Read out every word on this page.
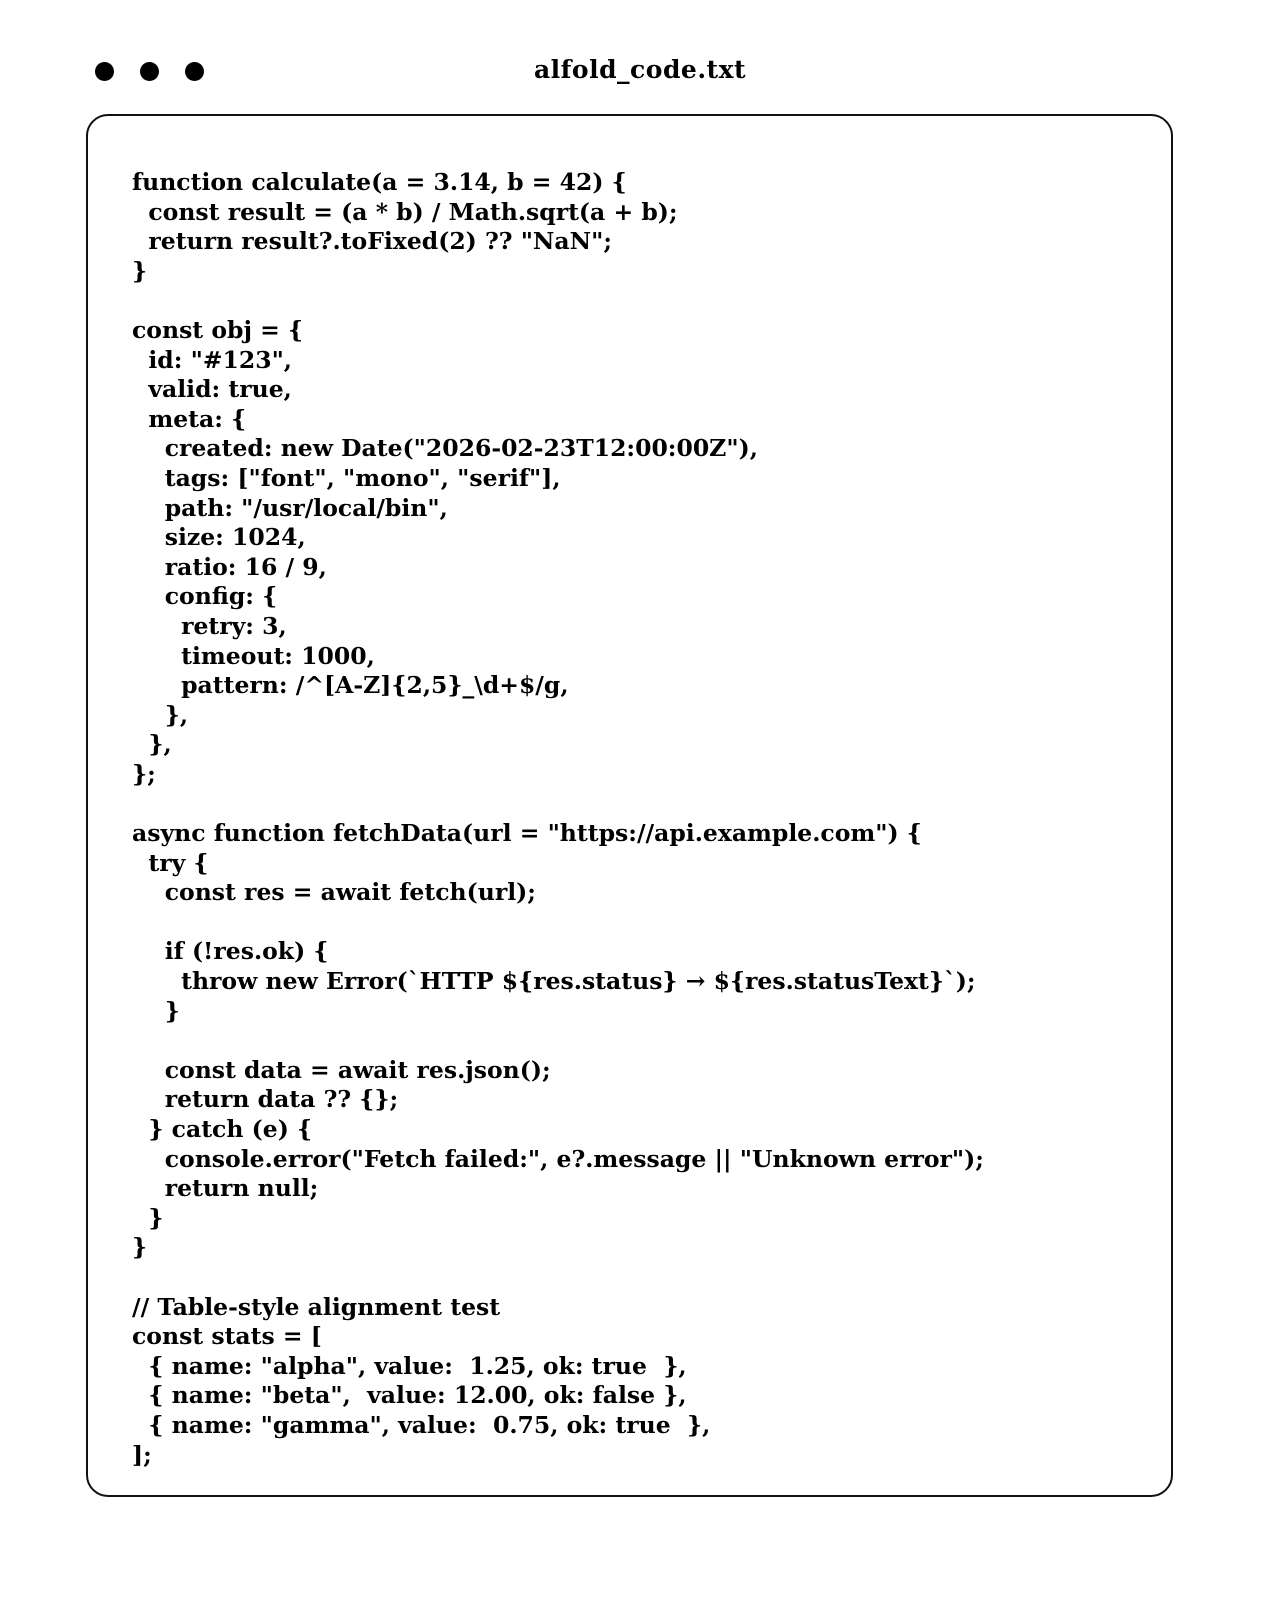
alfold_code.txt
function calculate(a = 3.14, b = 42) {
const result = (a * b) / Math.sqrt(a + b);
return result?.toFixed(2) ?? "NaN";
}

const obj = {
id: "#123",
valid: true,
meta: {
created: new Date("2026-02-23T12:00:00Z"),
tags: ["font", "mono", "serif"],
path: "/usr/local/bin",
size: 1024,
ratio: 16 / 9,
config: {
retry: 3,
timeout: 1000,
pattern: /^[A-Z]{2,5}_\d+$/g,
},
},
};

async function fetchData(url = "https://api.example.com") {
try {
const res = await fetch(url);

if (!res.ok) {
throw new Error(`HTTP ${res.status} → ${res.statusText}`);
}

const data = await res.json();
return data ?? {};
} catch (e) {
console.error("Fetch failed:", e?.message || "Unknown error");
return null;
}
}

// Table-style alignment test
const stats = [
{ name: "alpha", value:  1.25, ok: true  },
{ name: "beta",  value: 12.00, ok: false },
{ name: "gamma", value:  0.75, ok: true  },
];
